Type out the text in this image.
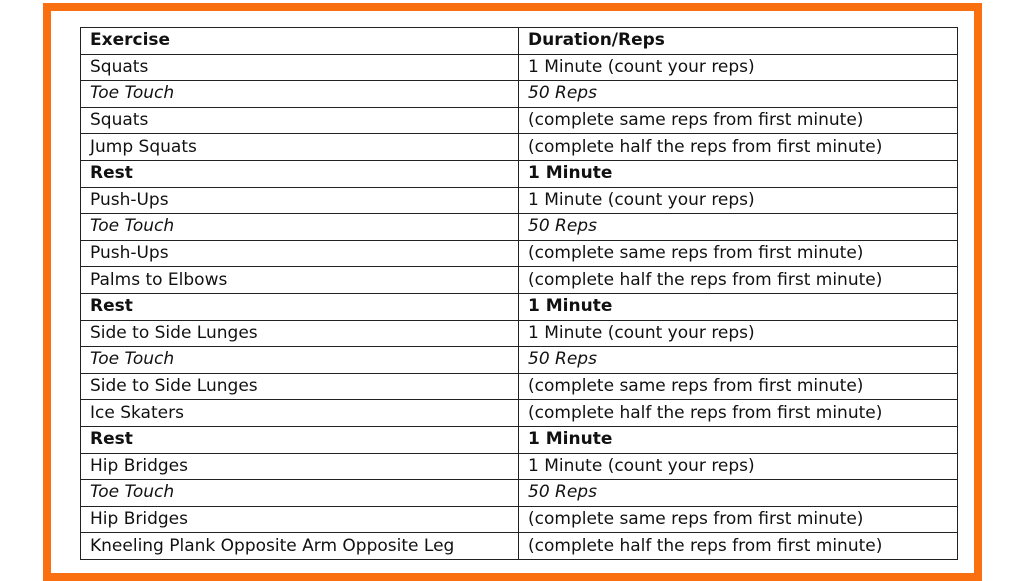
Exercise	Duration/Reps
Squats	1 Minute (count your reps)
Toe Touch	50 Reps
Squats	(complete same reps from first minute)
Jump Squats	(complete half the reps from first minute)
Rest	1 Minute
Push-Ups	1 Minute (count your reps)
Toe Touch	50 Reps
Push-Ups	(complete same reps from first minute)
Palms to Elbows	(complete half the reps from first minute)
Rest	1 Minute
Side to Side Lunges	1 Minute (count your reps)
Toe Touch	50 Reps
Side to Side Lunges	(complete same reps from first minute)
Ice Skaters	(complete half the reps from first minute)
Rest	1 Minute
Hip Bridges	1 Minute (count your reps)
Toe Touch	50 Reps
Hip Bridges	(complete same reps from first minute)
Kneeling Plank Opposite Arm Opposite Leg	(complete half the reps from first minute)
